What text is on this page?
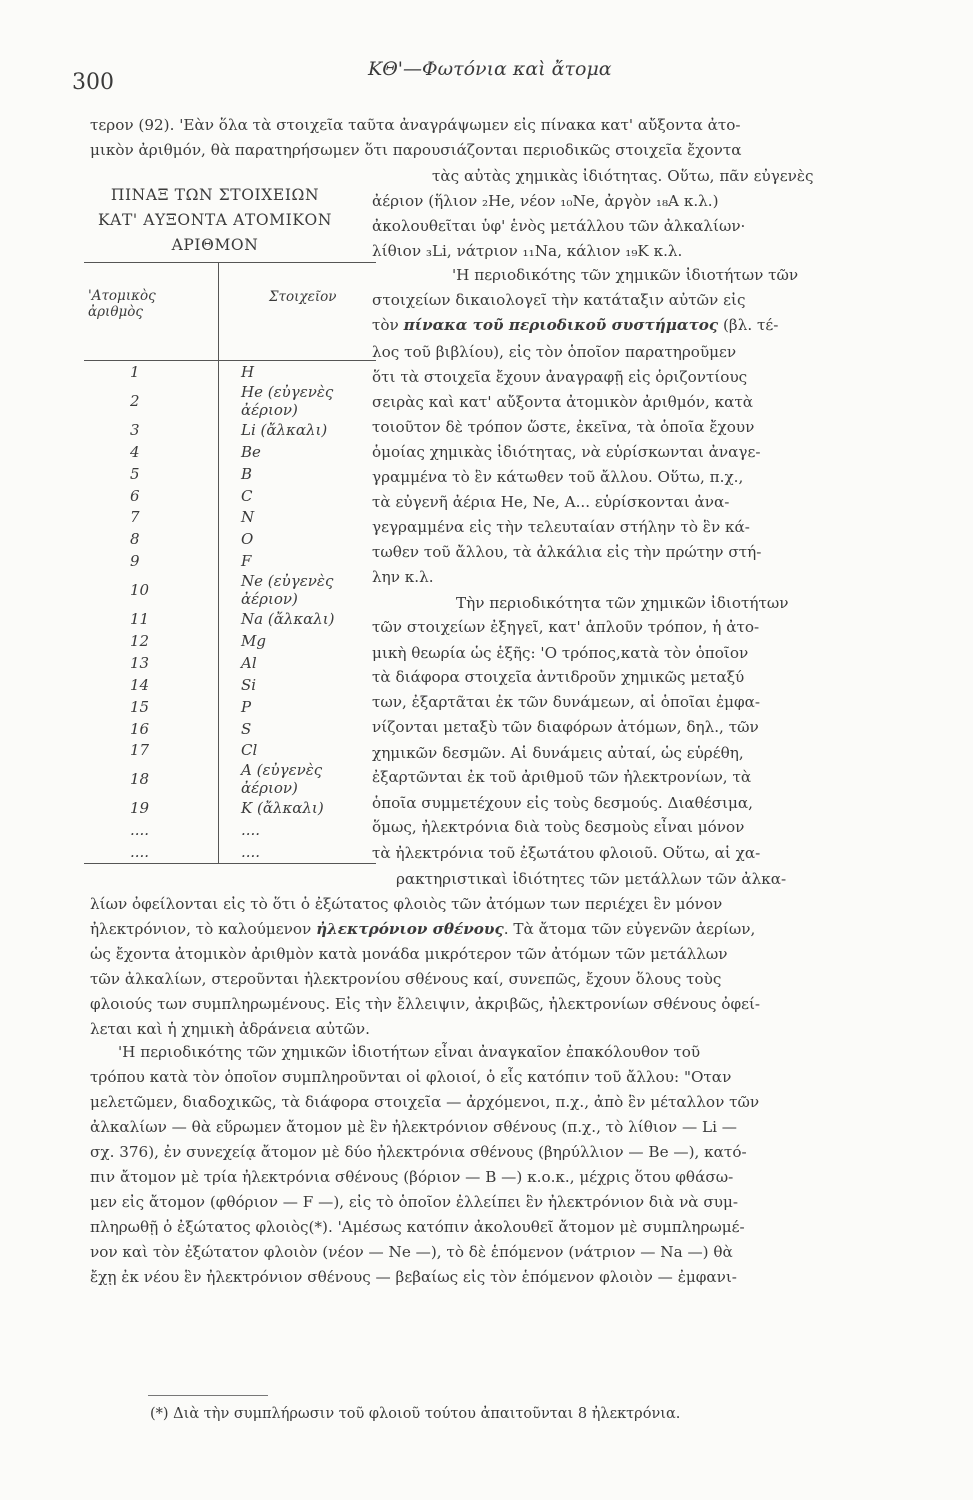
300
ΚΘ'—Φωτόνια καὶ ἄτομα
τερον (92). 'Εὰν ὅλα τὰ στοιχεῖα ταῦτα ἀναγράψωμεν εἰς πίνακα κατ' αὔξοντα ἀτο-
μικὸν ἀριθμόν, θὰ παρατηρήσωμεν ὅτι παρουσιάζονται περιοδικῶς στοιχεῖα ἔχοντα
ΠΙΝΑΞ ΤΩΝ ΣΤΟΙΧΕΙΩΝ
ΚΑΤ' ΑΥΞΟΝΤΑ ΑΤΟΜΙΚΟΝ
ΑΡΙΘΜΟΝ
'Ατομικὸς
ἀριθμὸς	Στοιχεῖον
1	H
2	He (εὐγενὲς ἀέριον)
3	Li (ἄλκαλι)
4	Be
5	B
6	C
7	N
8	O
9	F
10	Ne (εὐγενὲς ἀέριον)
11	Na (ἄλκαλι)
12	Mg
13	Al
14	Si
15	P
16	S
17	Cl
18	A (εὐγενὲς ἀέριον)
19	K (ἄλκαλι)
....	....
....	....
τὰς αὐτὰς χημικὰς ἰδιότητας. Οὕτω, πᾶν εὐγενὲς
ἀέριον (ἥλιον ₂He, νέον ₁₀Ne, ἀργὸν ₁₈A κ.λ.)
ἀκολουθεῖται ὑφ' ἑνὸς μετάλλου τῶν ἀλκαλίων·
λίθιον ₃Li, νάτριον ₁₁Na, κάλιον ₁₉K κ.λ.
'Η περιοδικότης τῶν χημικῶν ἰδιοτήτων τῶν
στοιχείων δικαιολογεῖ τὴν κατάταξιν αὐτῶν εἰς
λος τοῦ βιβλίου), εἰς τὸν ὁποῖον παρατηροῦμεν
ὅτι τὰ στοιχεῖα ἔχουν ἀναγραφῇ εἰς ὁριζοντίους
σειρὰς καὶ κατ' αὔξοντα ἀτομικὸν ἀριθμόν, κατὰ
τοιοῦτον δὲ τρόπον ὥστε, ἐκεῖνα, τὰ ὁποῖα ἔχουν
ὁμοίας χημικὰς ἰδιότητας, νὰ εὑρίσκωνται ἀναγε-
γραμμένα τὸ ἓν κάτωθεν τοῦ ἄλλου. Οὕτω, π.χ.,
τὰ εὐγενῆ ἀέρια He, Ne, A... εὑρίσκονται ἀνα-
γεγραμμένα εἰς τὴν τελευταίαν στήλην τὸ ἓν κά-
τωθεν τοῦ ἄλλου, τὰ ἀλκάλια εἰς τὴν πρώτην στή-
λην κ.λ.
Τὴν περιοδικότητα τῶν χημικῶν ἰδιοτήτων
τῶν στοιχείων ἐξηγεῖ, κατ' ἁπλοῦν τρόπον, ἡ ἀτο-
μικὴ θεωρία ὡς ἑξῆς: 'Ο τρόπος,κατὰ τὸν ὁποῖον
τὰ διάφορα στοιχεῖα ἀντιδροῦν χημικῶς μεταξύ
των, ἐξαρτᾶται ἐκ τῶν δυνάμεων, αἱ ὁποῖαι ἐμφα-
νίζονται μεταξὺ τῶν διαφόρων ἀτόμων, δηλ., τῶν
χημικῶν δεσμῶν. Αἱ δυνάμεις αὐταί, ὡς εὑρέθη,
ἐξαρτῶνται ἐκ τοῦ ἀριθμοῦ τῶν ἠλεκτρονίων, τὰ
ὁποῖα συμμετέχουν εἰς τοὺς δεσμούς. Διαθέσιμα,
ὅμως, ἠλεκτρόνια διὰ τοὺς δεσμοὺς εἶναι μόνον
τὰ ἠλεκτρόνια τοῦ ἐξωτάτου φλοιοῦ. Οὕτω, αἱ χα-
ρακτηριστικαὶ ἰδιότητες τῶν μετάλλων τῶν ἀλκα-
τὸν πίνακα τοῦ περιοδικοῦ συστήματος (βλ. τέ-
λίων ὀφείλονται εἰς τὸ ὅτι ὁ ἐξώτατος φλοιὸς τῶν ἀτόμων των περιέχει ἓν μόνον
ἠλεκτρόνιον, τὸ καλούμενον ἠλεκτρόνιον σθένους. Τὰ ἄτομα τῶν εὐγενῶν ἀερίων,
ὡς ἔχοντα ἀτομικὸν ἀριθμὸν κατὰ μονάδα μικρότερον τῶν ἀτόμων τῶν μετάλλων
τῶν ἀλκαλίων, στεροῦνται ἠλεκτρονίου σθένους καί, συνεπῶς, ἔχουν ὅλους τοὺς
φλοιούς των συμπληρωμένους. Εἰς τὴν ἔλλειψιν, ἀκριβῶς, ἠλεκτρονίων σθένους ὀφεί-
λεται καὶ ἡ χημικὴ ἀδράνεια αὐτῶν.
'Η περιοδικότης τῶν χημικῶν ἰδιοτήτων εἶναι ἀναγκαῖον ἐπακόλουθον τοῦ
τρόπου κατὰ τὸν ὁποῖον συμπληροῦνται οἱ φλοιοί, ὁ εἷς κατόπιν τοῦ ἄλλου: "Οταν
μελετῶμεν, διαδοχικῶς, τὰ διάφορα στοιχεῖα — ἀρχόμενοι, π.χ., ἀπὸ ἓν μέταλλον τῶν
ἀλκαλίων — θὰ εὕρωμεν ἄτομον μὲ ἓν ἠλεκτρόνιον σθένους (π.χ., τὸ λίθιον — Li —
σχ. 376), ἐν συνεχείᾳ ἄτομον μὲ δύο ἠλεκτρόνια σθένους (βηρύλλιον — Be —), κατό-
πιν ἄτομον μὲ τρία ἠλεκτρόνια σθένους (βόριον — B —) κ.ο.κ., μέχρις ὅτου φθάσω-
μεν εἰς ἄτομον (φθόριον — F —), εἰς τὸ ὁποῖον ἐλλείπει ἓν ἠλεκτρόνιον διὰ νὰ συμ-
πληρωθῇ ὁ ἐξώτατος φλοιὸς(*). 'Αμέσως κατόπιν ἀκολουθεῖ ἄτομον μὲ συμπληρωμέ-
νον καὶ τὸν ἐξώτατον φλοιὸν (νέον — Ne —), τὸ δὲ ἑπόμενον (νάτριον — Na —) θὰ
ἔχῃ ἐκ νέου ἓν ἠλεκτρόνιον σθένους — βεβαίως εἰς τὸν ἑπόμενον φλοιὸν — ἐμφανι-
(*) Διὰ τὴν συμπλήρωσιν τοῦ φλοιοῦ τούτου ἀπαιτοῦνται 8 ἠλεκτρόνια.
